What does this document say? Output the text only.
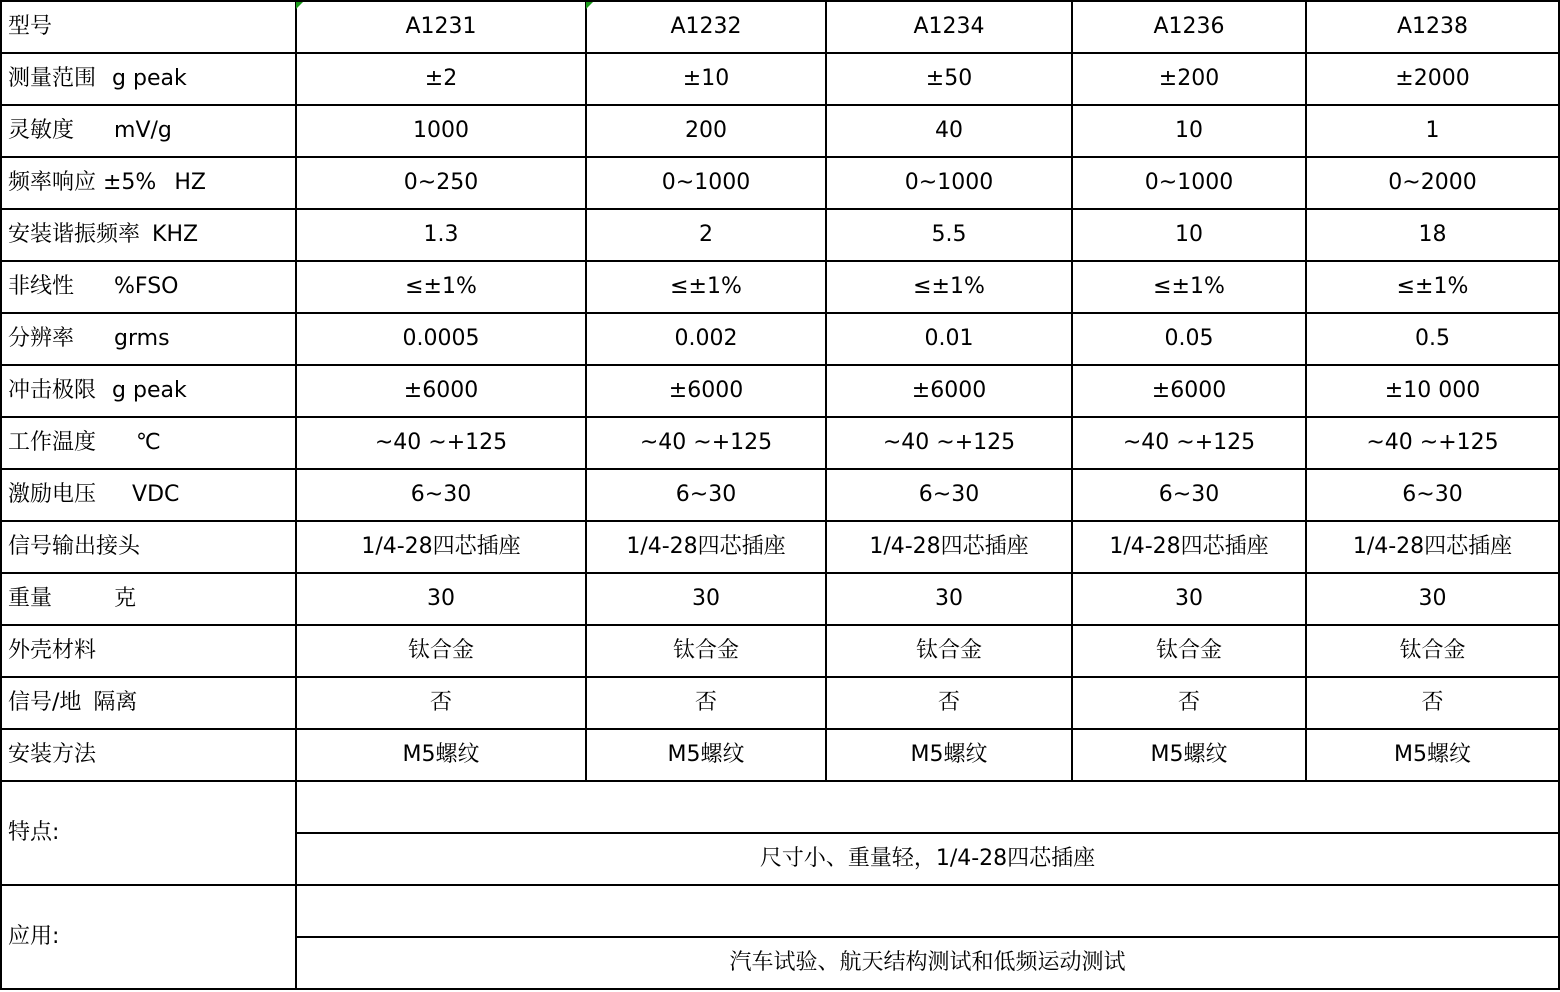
型号	A1231	A1232	A1234	A1236	A1238
测量范围 g peak	±2	±10	±50	±200	±2000
灵敏度 mV/g	1000	200	40	10	1
频率响应 ±5% HZ	0~250	0~1000	0~1000	0~1000	0~2000
安装谐振频率 KHZ	1.3	2	5.5	10	18
非线性 %FSO	≤±1%	≤±1%	≤±1%	≤±1%	≤±1%
分辨率 grms	0.0005	0.002	0.01	0.05	0.5
冲击极限 g peak	±6000	±6000	±6000	±6000	±10 000
工作温度 ℃	~40 ~+125	~40 ~+125	~40 ~+125	~40 ~+125	~40 ~+125
激励电压 VDC	6~30	6~30	6~30	6~30	6~30
信号输出接头	1/4-28四芯插座	1/4-28四芯插座	1/4-28四芯插座	1/4-28四芯插座	1/4-28四芯插座
重量 克	30	30	30	30	30
外壳材料	钛合金	钛合金	钛合金	钛合金	钛合金
信号/地 隔离	否	否	否	否	否
安装方法	M5螺纹	M5螺纹	M5螺纹	M5螺纹	M5螺纹
特点:					
	尺寸小、重量轻，1/4-28四芯插座				
应用:					
	汽车试验、航天结构测试和低频运动测试				
